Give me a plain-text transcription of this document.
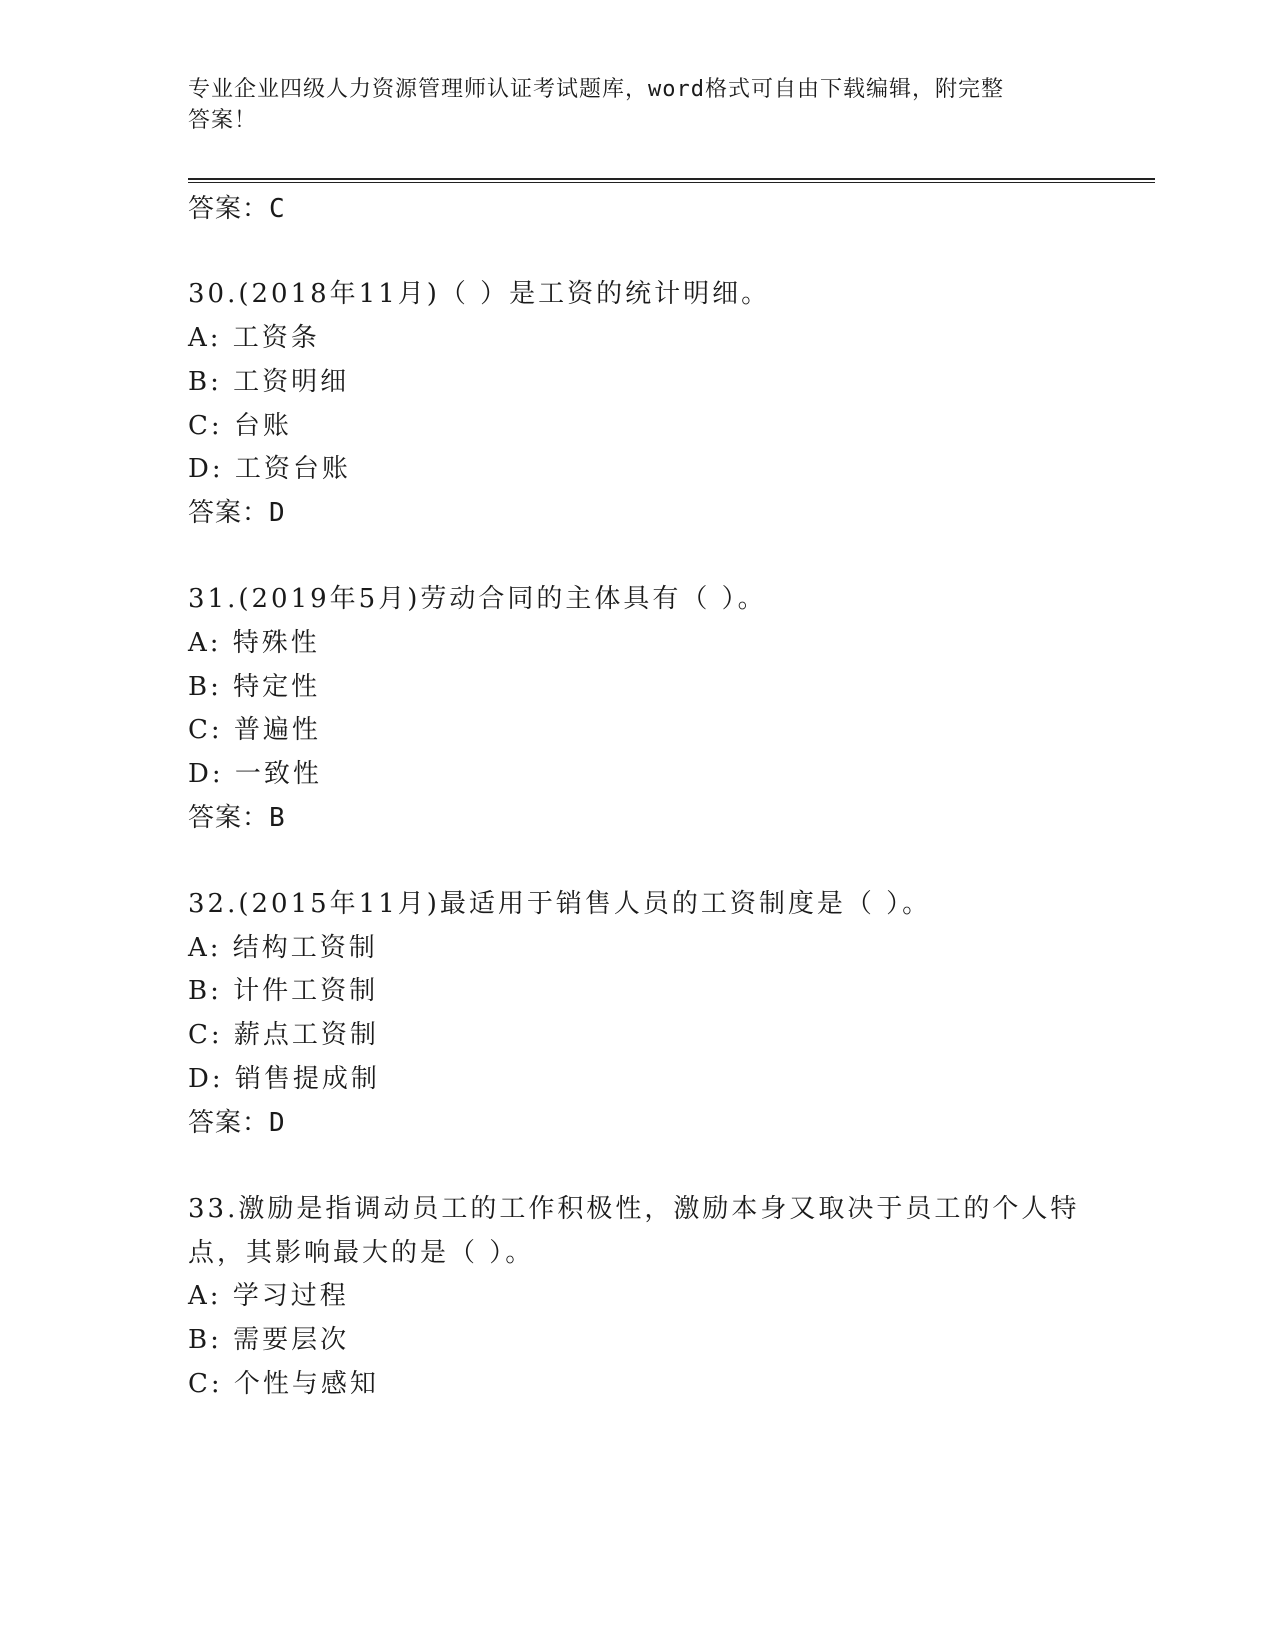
专业企业四级人力资源管理师认证考试题库，word格式可自由下载编辑，附完整
答案！
答案：C
30.(2018年11月)（ ）是工资的统计明细。
A: 工资条
B: 工资明细
C: 台账
D: 工资台账
答案：D
31.(2019年5月)劳动合同的主体具有（ ）。
A: 特殊性
B: 特定性
C: 普遍性
D: 一致性
答案：B
32.(2015年11月)最适用于销售人员的工资制度是（ ）。
A: 结构工资制
B: 计件工资制
C: 薪点工资制
D: 销售提成制
答案：D
33.激励是指调动员工的工作积极性，激励本身又取决于员工的个人特
点，其影响最大的是（ ）。
A: 学习过程
B: 需要层次
C: 个性与感知
